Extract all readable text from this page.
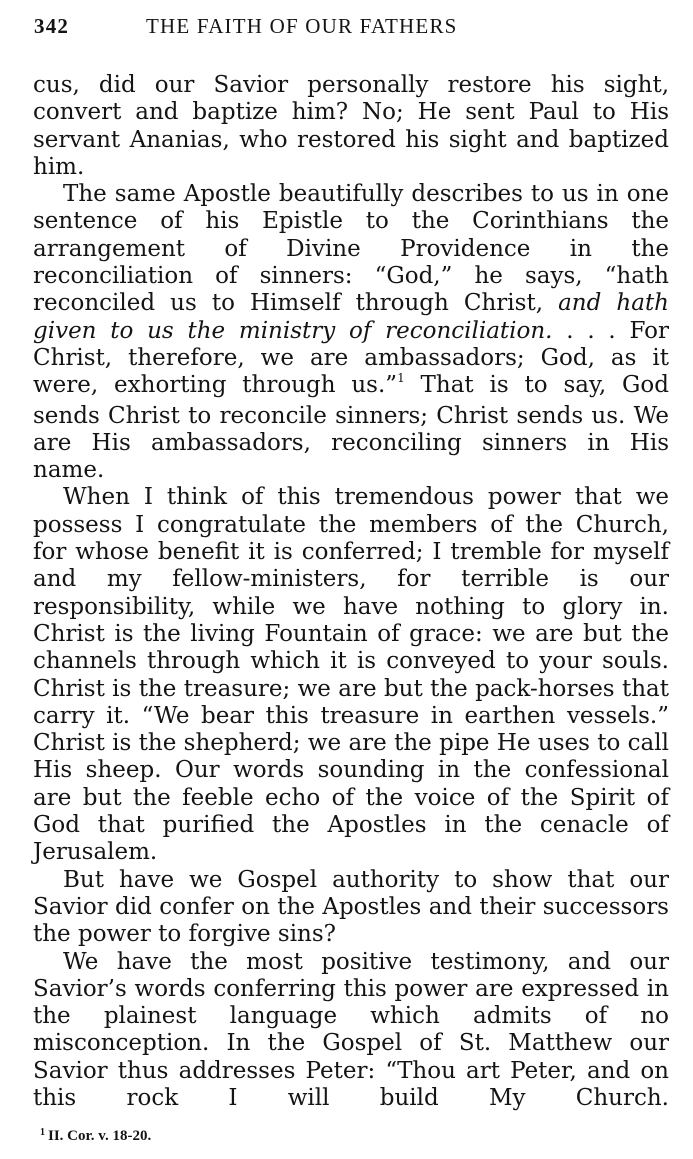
342	THE FAITH OF OUR FATHERS

cus, did our Savior personally restore his sight, convert and baptize him? No; He sent Paul to His servant Ananias, who restored his sight and baptized him.

The same Apostle beautifully describes to us in one sentence of his Epistle to the Corinthians the arrangement of Divine Providence in the reconciliation of sinners: “God,” he says, “hath reconciled us to Himself through Christ, and hath given to us the ministry of reconciliation. . . . For Christ, therefore, we are ambassadors; God, as it were, exhorting through us.”$^1$ That is to say, God sends Christ to reconcile sinners; Christ sends us. We are His ambassadors, reconciling sinners in His name.

When I think of this tremendous power that we possess I congratulate the members of the Church, for whose benefit it is conferred; I tremble for myself and my fellow-ministers, for terrible is our responsibility, while we have nothing to glory in. Christ is the living Fountain of grace: we are but the channels through which it is conveyed to your souls. Christ is the treasure; we are but the pack-horses that carry it. “We bear this treasure in earthen vessels.” Christ is the shepherd; we are the pipe He uses to call His sheep. Our words sounding in the confessional are but the feeble echo of the voice of the Spirit of God that purified the Apostles in the cenacle of Jerusalem.

But have we Gospel authority to show that our Savior did confer on the Apostles and their successors the power to forgive sins?

We have the most positive testimony, and our Savior’s words conferring this power are expressed in the plainest language which admits of no misconception. In the Gospel of St. Matthew our Savior thus addresses Peter: “Thou art Peter, and on this rock I will build My Church.

$^1$ II. Cor. v. 18-20.
